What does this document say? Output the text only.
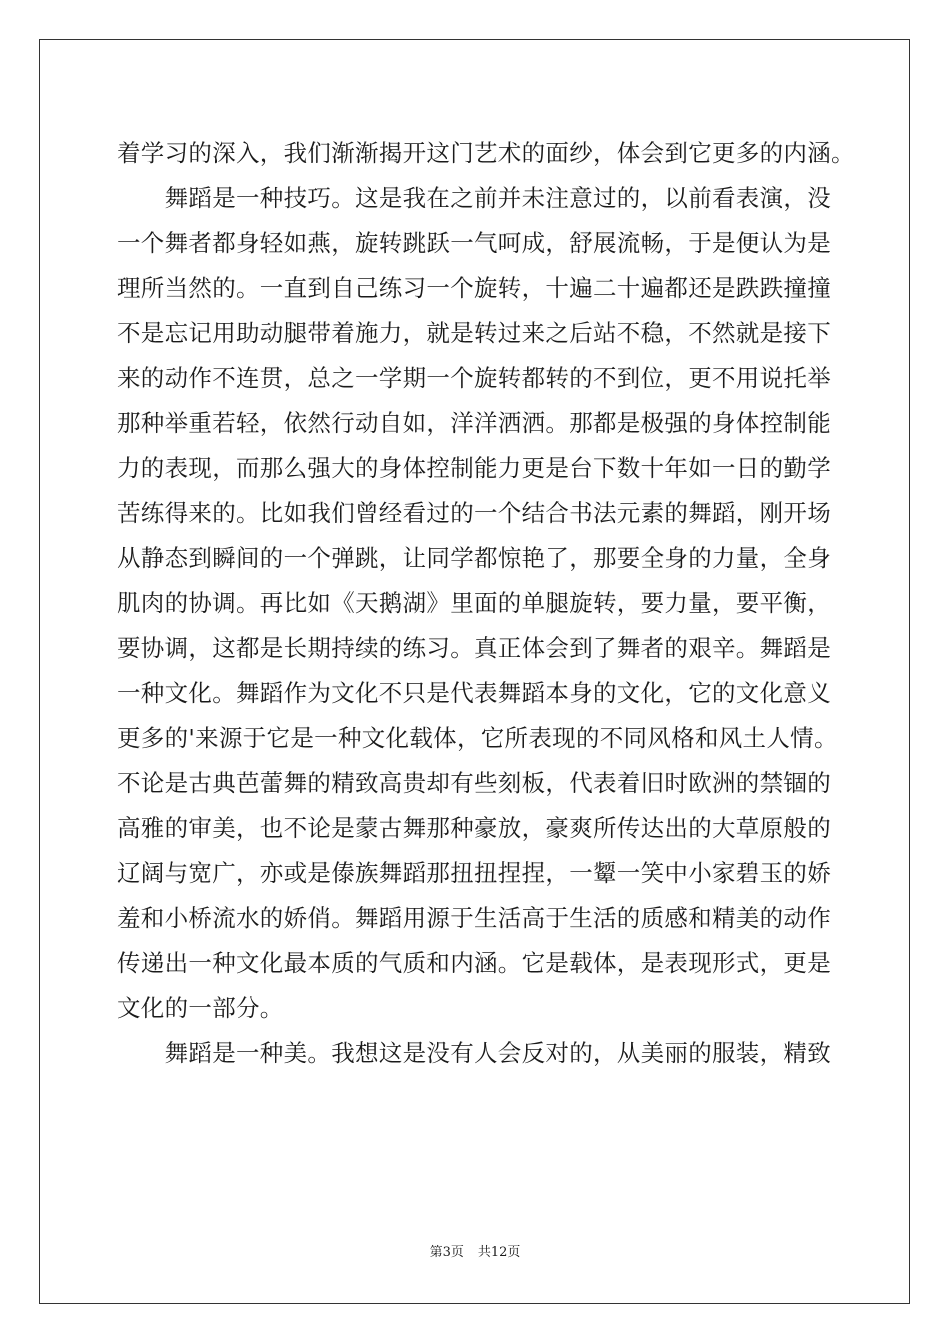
着学习的深入，我们渐渐揭开这门艺术的面纱，体会到它更多的内涵。
　　舞蹈是一种技巧。这是我在之前并未注意过的，以前看表演，没
一个舞者都身轻如燕，旋转跳跃一气呵成，舒展流畅，于是便认为是
理所当然的。一直到自己练习一个旋转，十遍二十遍都还是跌跌撞撞
不是忘记用助动腿带着施力，就是转过来之后站不稳，不然就是接下
来的动作不连贯，总之一学期一个旋转都转的不到位，更不用说托举
那种举重若轻，依然行动自如，洋洋洒洒。那都是极强的身体控制能
力的表现，而那么强大的身体控制能力更是台下数十年如一日的勤学
苦练得来的。比如我们曾经看过的一个结合书法元素的舞蹈，刚开场
从静态到瞬间的一个弹跳，让同学都惊艳了，那要全身的力量，全身
肌肉的协调。再比如《天鹅湖》里面的单腿旋转，要力量，要平衡，
要协调，这都是长期持续的练习。真正体会到了舞者的艰辛。舞蹈是
一种文化。舞蹈作为文化不只是代表舞蹈本身的文化，它的文化意义
更多的'来源于它是一种文化载体，它所表现的不同风格和风土人情。
不论是古典芭蕾舞的精致高贵却有些刻板，代表着旧时欧洲的禁锢的
高雅的审美，也不论是蒙古舞那种豪放，豪爽所传达出的大草原般的
辽阔与宽广，亦或是傣族舞蹈那扭扭捏捏，一颦一笑中小家碧玉的娇
羞和小桥流水的娇俏。舞蹈用源于生活高于生活的质感和精美的动作
传递出一种文化最本质的气质和内涵。它是载体，是表现形式，更是
文化的一部分。
　　舞蹈是一种美。我想这是没有人会反对的，从美丽的服装，精致
第3页 共12页
